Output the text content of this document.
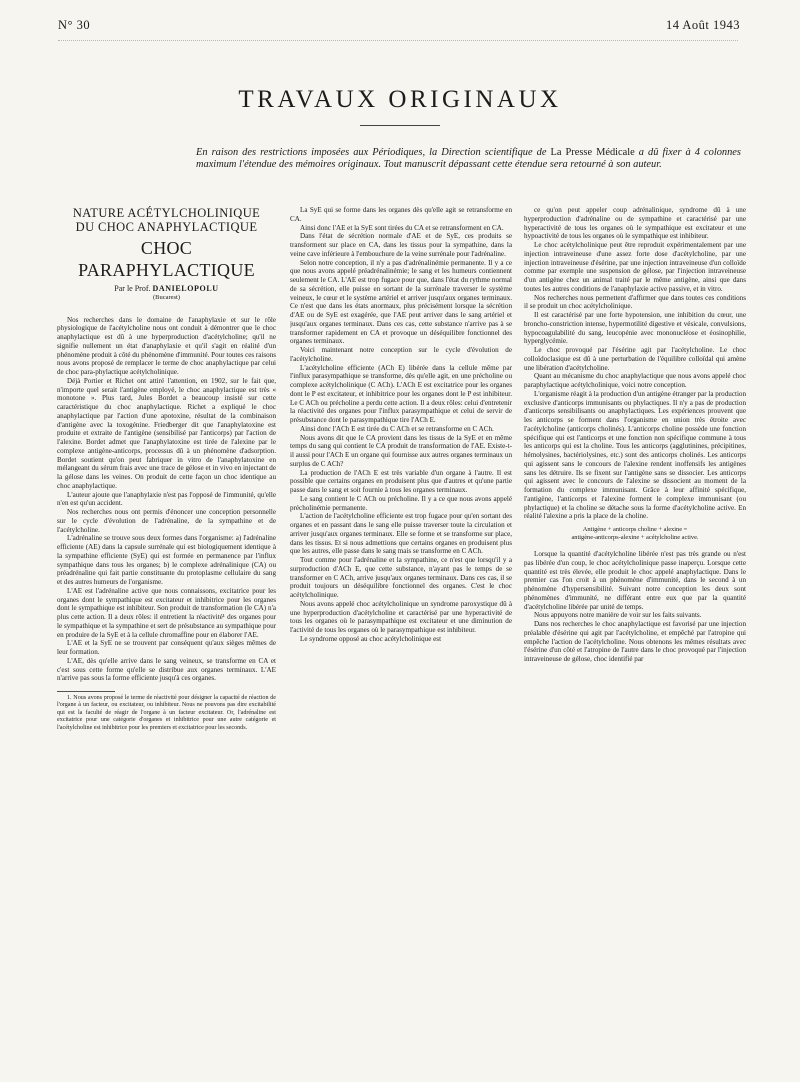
N° 30	14 Août 1943
TRAVAUX ORIGINAUX

En raison des restrictions imposées aux Périodiques, la Direction scientifique de La Presse Médicale a dû fixer à 4 colonnes maximum l'étendue des mémoires originaux. Tout manuscrit dépassant cette étendue sera retourné à son auteur.

NATURE ACÉTYLCHOLINIQUE
DU CHOC ANAPHYLACTIQUE
CHOC PARAPHYLACTIQUE
Par le Prof. DANIELOPOLU
(Bucarest)

Nos recherches dans le domaine de l'anaphylaxie et sur le rôle physiologique de l'acétylcholine nous ont conduit à démontrer que le choc anaphylactique est dû à une hyperproduction d'acétylcholine; qu'il ne signifie nullement un état d'anaphylaxie et qu'il s'agit en réalité d'un phénomène produit à côté du phénomène d'immunité. Pour toutes ces raisons nous avons proposé de remplacer le terme de choc anaphylactique par celui de choc para-phylactique acétylcholinique.

Déjà Portier et Richet ont attiré l'attention, en 1902, sur le fait que, n'importe quel serait l'antigène employé, le choc anaphylactique est très « monotone ». Plus tard, Jules Bordet a beaucoup insisté sur cette caractéristique du choc anaphylactique. Richet a expliqué le choc anaphylactique par l'action d'une apotoxine, résultat de la combinaison d'antigène avec la toxogénine. Friedberger dit que l'anaphylatoxine est produite et extraite de l'antigène (sensibilisé par l'anticorps) par l'action de l'alexine. Bordet admet que l'anaphylatoxine est tirée de l'alexine par le complexe antigène-anticorps, processus dû à un phénomène d'adsorption. Bordet soutient qu'on peut fabriquer in vitro de l'anaphylatoxine en mélangeant du sérum frais avec une trace de gélose et in vivo en injectant de la gélose dans les veines. On produit de cette façon un choc identique au choc anaphylactique.

L'auteur ajoute que l'anaphylaxie n'est pas l'opposé de l'immunité, qu'elle n'en est qu'un accident.

Nos recherches nous ont permis d'énoncer une conception personnelle sur le cycle d'évolution de l'adrénaline, de la sympathine et de l'acétylcholine.

L'adrénaline se trouve sous deux formes dans l'organisme: a) l'adrénaline efficiente (AE) dans la capsule surrénale qui est biologiquement identique à la sympathine efficiente (SyE) qui est formée en permanence par l'influx sympathique dans tous les organes; b) le complexe adrénalinique (CA) ou préadrénaline qui fait partie constituante du protoplasme cellulaire du sang et des autres humeurs de l'organisme.

L'AE est l'adrénaline active que nous connaissons, excitatrice pour les organes dont le sympathique est excitateur et inhibitrice pour les organes dont le sympathique est inhibiteur. Son produit de transformation (le CA) n'a plus cette action. Il a deux rôles: il entretient la réactivité¹ des organes pour le sympathique et la sympathine et sert de présubstance au sympathique pour en produire de la SyE et à la cellule chromaffine pour en élaborer l'AE.

L'AE et la SyE ne se trouvent par conséquent qu'aux sièges mêmes de leur formation.

L'AE, dès qu'elle arrive dans le sang veineux, se transforme en CA et c'est sous cette forme qu'elle se distribue aux organes terminaux. L'AE n'arrive pas sous la forme efficiente jusqu'à ces organes.

1. Nous avons proposé le terme de réactivité pour désigner la capacité de réaction de l'organe à un facteur, ou excitateur, ou inhibiteur. Nous ne pouvons pas dire excitabilité qui est la faculté de réagir de l'organe à un facteur excitateur. Or, l'adrénaline est excitatrice pour une catégorie d'organes et inhibitrice pour une autre catégorie et l'acétylcholine est inhibitrice pour les premiers et excitatrice pour les seconds.

La SyE qui se forme dans les organes dès qu'elle agit se retransforme en CA.

Ainsi donc l'AE et la SyE sont tirées du CA et se retransforment en CA.

Dans l'état de sécrétion normale d'AE et de SyE, ces produits se transforment sur place en CA, dans les tissus pour la sympathine, dans la veine cave inférieure à l'embouchure de la veine surrénale pour l'adrénaline.

Selon notre conception, il n'y a pas d'adrénalinémie permanente. Il y a ce que nous avons appelé préadrénalinémie; le sang et les humeurs contiennent seulement le CA. L'AE est trop fugace pour que, dans l'état du rythme normal de sa sécrétion, elle puisse en sortant de la surrénale traverser le système veineux, le cœur et le système artériel et arriver jusqu'aux organes terminaux. Ce n'est que dans les états anormaux, plus précisément lorsque la sécrétion d'AE ou de SyE est exagérée, que l'AE peut arriver dans le sang artériel et jusqu'aux organes terminaux. Dans ces cas, cette substance n'arrive pas à se transformer rapidement en CA et provoque un déséquilibre fonctionnel des organes terminaux.

Voici maintenant notre conception sur le cycle d'évolution de l'acétylcholine.

L'acétylcholine efficiente (ACh E) libérée dans la cellule même par l'influx parasympathique se transforme, dès qu'elle agit, en une précholine ou complexe acétylcholinique (C ACh). L'ACh E est excitatrice pour les organes dont le P est excitateur, et inhibitrice pour les organes dont le P est inhibiteur. Le C ACh ou précholine a perdu cette action. Il a deux rôles: celui d'entretenir la réactivité des organes pour l'influx parasympathique et celui de servir de présubstance dont le parasympathique tire l'ACh E.

Ainsi donc l'ACh E est tirée du C ACh et se retransforme en C ACh.

Nous avons dit que le CA provient dans les tissus de la SyE et en même temps du sang qui contient le CA produit de transformation de l'AE. Existe-t-il aussi pour l'ACh E un organe qui fournisse aux autres organes terminaux un surplus de C ACh?

La production de l'ACh E est très variable d'un organe à l'autre. Il est possible que certains organes en produisent plus que d'autres et qu'une partie passe dans le sang et soit fournie à tous les organes terminaux.

Le sang contient le C ACh ou précholine. Il y a ce que nous avons appelé précholinémie permanente.

L'action de l'acétylcholine efficiente est trop fugace pour qu'en sortant des organes et en passant dans le sang elle puisse traverser toute la circulation et arriver jusqu'aux organes terminaux. Elle se forme et se transforme sur place, dans les tissus. Et si nous admettions que certains organes en produisent plus que les autres, elle passe dans le sang mais se transforme en C ACh.

Tout comme pour l'adrénaline et la sympathine, ce n'est que lorsqu'il y a surproduction d'ACh E, que cette substance, n'ayant pas le temps de se transformer en C ACh, arrive jusqu'aux organes terminaux. Dans ces cas, il se produit toujours un déséquilibre fonctionnel des organes. C'est le choc acétylcholinique.

Nous avons appelé choc acétylcholinique un syndrome paroxystique dû à une hyperproduction d'acétylcholine et caractérisé par une hyperactivité de tous les organes où le parasympathique est excitateur et une diminution de l'activité de tous les organes où le parasympathique est inhibiteur.

Le syndrome opposé au choc acétylcholinique est

ce qu'on peut appeler coup adrénalinique, syndrome dû à une hyperproduction d'adrénaline ou de sympathine et caractérisé par une hyperactivité de tous les organes où le sympathique est excitateur et une hypoactivité de tous les organes où le sympathique est inhibiteur.

Le choc acétylcholinique peut être reproduit expérimentalement par une injection intraveineuse d'une assez forte dose d'acétylcholine, par une injection intraveineuse d'ésérine, par une injection intraveineuse d'un colloïde comme par exemple une suspension de gélose, par l'injection intraveineuse d'un antigène chez un animal traité par le même antigène, ainsi que dans toutes les autres conditions de l'anaphylaxie active passive, et in vitro.

Nos recherches nous permettent d'affirmer que dans toutes ces conditions il se produit un choc acétylcholinique.

Il est caractérisé par une forte hypotension, une inhibition du cœur, une broncho-constriction intense, hypermotilité digestive et vésicale, convulsions, hypocoagulabilité du sang, leucopénie avec mononucléose et éosinophilie, hyperglycémie.

Le choc provoqué par l'ésérine agit par l'acétylcholine. Le choc colloïdoclasique est dû à une perturbation de l'équilibre colloïdal qui amène une libération d'acétylcholine.

Quant au mécanisme du choc anaphylactique que nous avons appelé choc paraphylactique acétylcholinique, voici notre conception.

L'organisme réagit à la production d'un antigène étranger par la production exclusive d'anticorps immunisants ou phylactiques. Il n'y a pas de production d'anticorps sensibilisants ou anaphylactiques. Les expériences prouvent que les anticorps se forment dans l'organisme en union très étroite avec l'acétylcholine (anticorps cholinés). L'anticorps choline possède une fonction spécifique qui est l'anticorps et une fonction non spécifique commune à tous les anticorps qui est la choline. Tous les anticorps (agglutinines, précipitines, hémolysines, bactériolysines, etc.) sont des anticorps cholinés. Les anticorps qui agissent sans le concours de l'alexine rendent inoffensifs les antigènes sans les détruire. Ils se fixent sur l'antigène sans se dissocier. Les anticorps qui agissent avec le concours de l'alexine se dissocient au moment de la formation du complexe immunisant. Grâce à leur affinité spécifique, l'antigène, l'anticorps et l'alexine forment le complexe immunisant (ou phylactique) et la choline se détache sous la forme d'acétylcholine active. En réalité l'alexine a pris la place de la choline.

Antigène + anticorps choline + alexine =
antigène-anticorps-alexine + acétylcholine active.

Lorsque la quantité d'acétylcholine libérée n'est pas très grande ou n'est pas libérée d'un coup, le choc acétylcholinique passe inaperçu. Lorsque cette quantité est très élevée, elle produit le choc appelé anaphylactique. Dans le premier cas l'on croit à un phénomène d'immunité, dans le second à un phénomène d'hypersensibilité. Suivant notre conception les deux sont phénomènes d'immunité, ne différant entre eux que par la quantité d'acétylcholine libérée par unité de temps.

Nous appuyons notre manière de voir sur les faits suivants.

Dans nos recherches le choc anaphylactique est favorisé par une injection préalable d'ésérine qui agit par l'acétylcholine, et empêché par l'atropine qui empêche l'action de l'acétylcholine. Nous obtenons les mêmes résultats avec l'ésérine d'un côté et l'atropine de l'autre dans le choc provoqué par l'injection intraveineuse de gélose, choc identifié par
